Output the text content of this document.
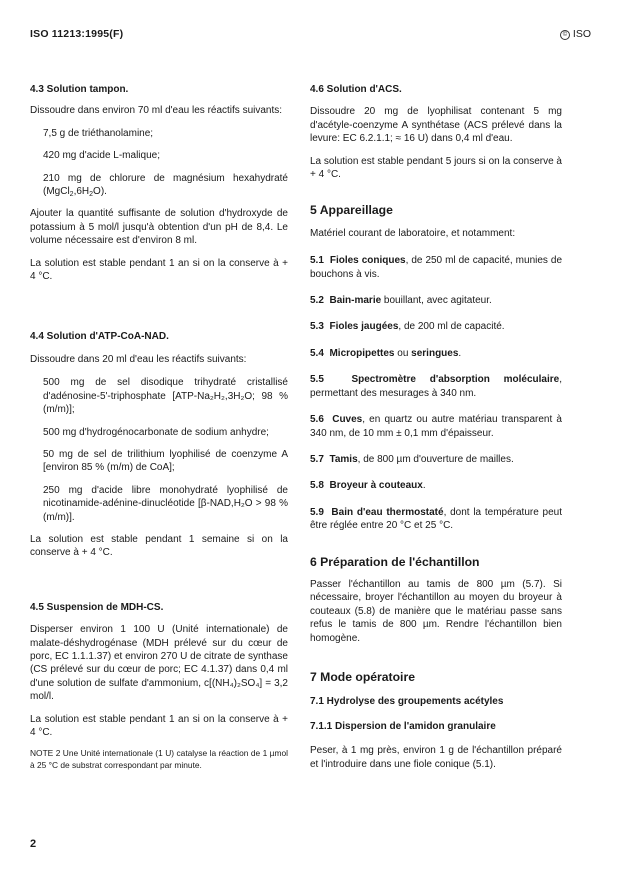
ISO 11213:1995(F)	© ISO

4.3 Solution tampon.

Dissoudre dans environ 70 ml d'eau les réactifs suivants:

7,5 g de triéthanolamine;

420 mg d'acide L-malique;

210 mg de chlorure de magnésium hexahydraté $(MgCl_2,6H_2O)$.

Ajouter la quantité suffisante de solution d'hydroxyde de potassium à 5 mol/l jusqu'à obtention d'un pH de 8,4. Le volume nécessaire est d'environ 8 ml.

La solution est stable pendant 1 an si on la conserve à + 4 °C.

4.4 Solution d'ATP-CoA-NAD.

Dissoudre dans 20 ml d'eau les réactifs suivants:

500 mg de sel disodique trihydraté cristallisé d'adénosine-5'-triphosphate [ATP-Na₂H₂,3H₂O; 98 % (m/m)];

500 mg d'hydrogénocarbonate de sodium anhydre;

50 mg de sel de trilithium lyophilisé de coenzyme A [environ 85 % (m/m) de CoA];

250 mg d'acide libre monohydraté lyophilisé de nicotinamide-adénine-dinucléotide [β-NAD,H₂O > 98 % (m/m)].

La solution est stable pendant 1 semaine si on la conserve à + 4 °C.

4.5 Suspension de MDH-CS.

Disperser environ 1 100 U (Unité internationale) de malate-déshydrogénase (MDH prélevé sur du cœur de porc, EC 1.1.1.37) et environ 270 U de citrate de synthase (CS prélevé sur du cœur de porc; EC 4.1.37) dans 0,4 ml d'une solution de sulfate d'ammonium, c[(NH₄)₂SO₄] = 3,2 mol/l.

La solution est stable pendant 1 an si on la conserve à + 4 °C.

NOTE 2 Une Unité internationale (1 U) catalyse la réaction de 1 µmol à 25 °C de substrat correspondant par minute.

4.6 Solution d'ACS.

Dissoudre 20 mg de lyophilisat contenant 5 mg d'acétyle-coenzyme A synthétase (ACS prélevé dans la levure: EC 6.2.1.1; ≈ 16 U) dans 0,4 ml d'eau.

La solution est stable pendant 5 jours si on la conserve à + 4 °C.

5 Appareillage

Matériel courant de laboratoire, et notamment:

5.1 Fioles coniques, de 250 ml de capacité, munies de bouchons à vis.

5.2 Bain-marie bouillant, avec agitateur.

5.3 Fioles jaugées, de 200 ml de capacité.

5.4 Micropipettes ou seringues.

5.5	Spectromètre d'absorption moléculaire, permettant des mesurages à 340 nm.

5.6 Cuves, en quartz ou autre matériau transparent à 340 nm, de 10 mm ± 0,1 mm d'épaisseur.

5.7 Tamis, de 800 µm d'ouverture de mailles.

5.8 Broyeur à couteaux.

5.9 Bain d'eau thermostaté, dont la température peut être réglée entre 20 °C et 25 °C.

6 Préparation de l'échantillon

Passer l'échantillon au tamis de 800 µm (5.7). Si nécessaire, broyer l'échantillon au moyen du broyeur à couteaux (5.8) de manière que le matériau passe sans refus le tamis de 800 µm. Rendre l'échantillon bien homogène.

7 Mode opératoire

7.1 Hydrolyse des groupements acétyles

7.1.1 Dispersion de l'amidon granulaire

Peser, à 1 mg près, environ 1 g de l'échantillon préparé et l'introduire dans une fiole conique (5.1).

2
